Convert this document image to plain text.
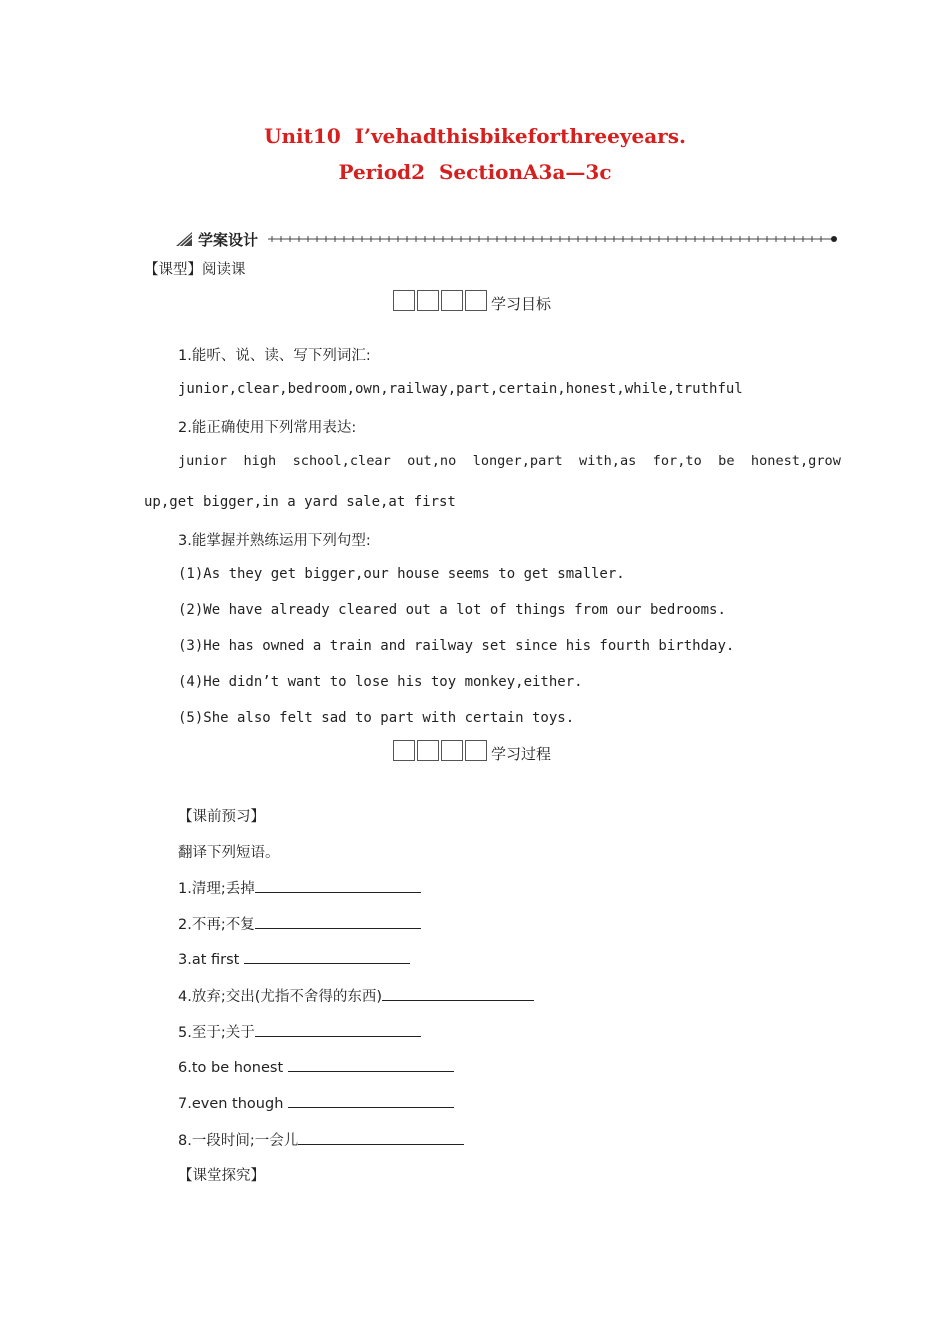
Unit10  I’vehadthisbikeforthreeyears.
Period2  SectionA3a—3c
学案设计
【课型】阅读课
学习目标
1.能听、说、读、写下列词汇:
junior,clear,bedroom,own,railway,part,certain,honest,while,truthful
2.能正确使用下列常用表达:
junior  high  school,clear  out,no  longer,part  with,as  for,to  be  honest,grow
up,get bigger,in a yard sale,at first
3.能掌握并熟练运用下列句型:
(1)As they get bigger,our house seems to get smaller.
(2)We have already cleared out a lot of things from our bedrooms.
(3)He has owned a train and railway set since his fourth birthday.
(4)He didn’t want to lose his toy monkey,either.
(5)She also felt sad to part with certain toys.
学习过程
【课前预习】
翻译下列短语。
1.清理;丢掉
2.不再;不复
3.at first
4.放弃;交出(尤指不舍得的东西)
5.至于;关于
6.to be honest
7.even though
8.一段时间;一会儿
【课堂探究】
